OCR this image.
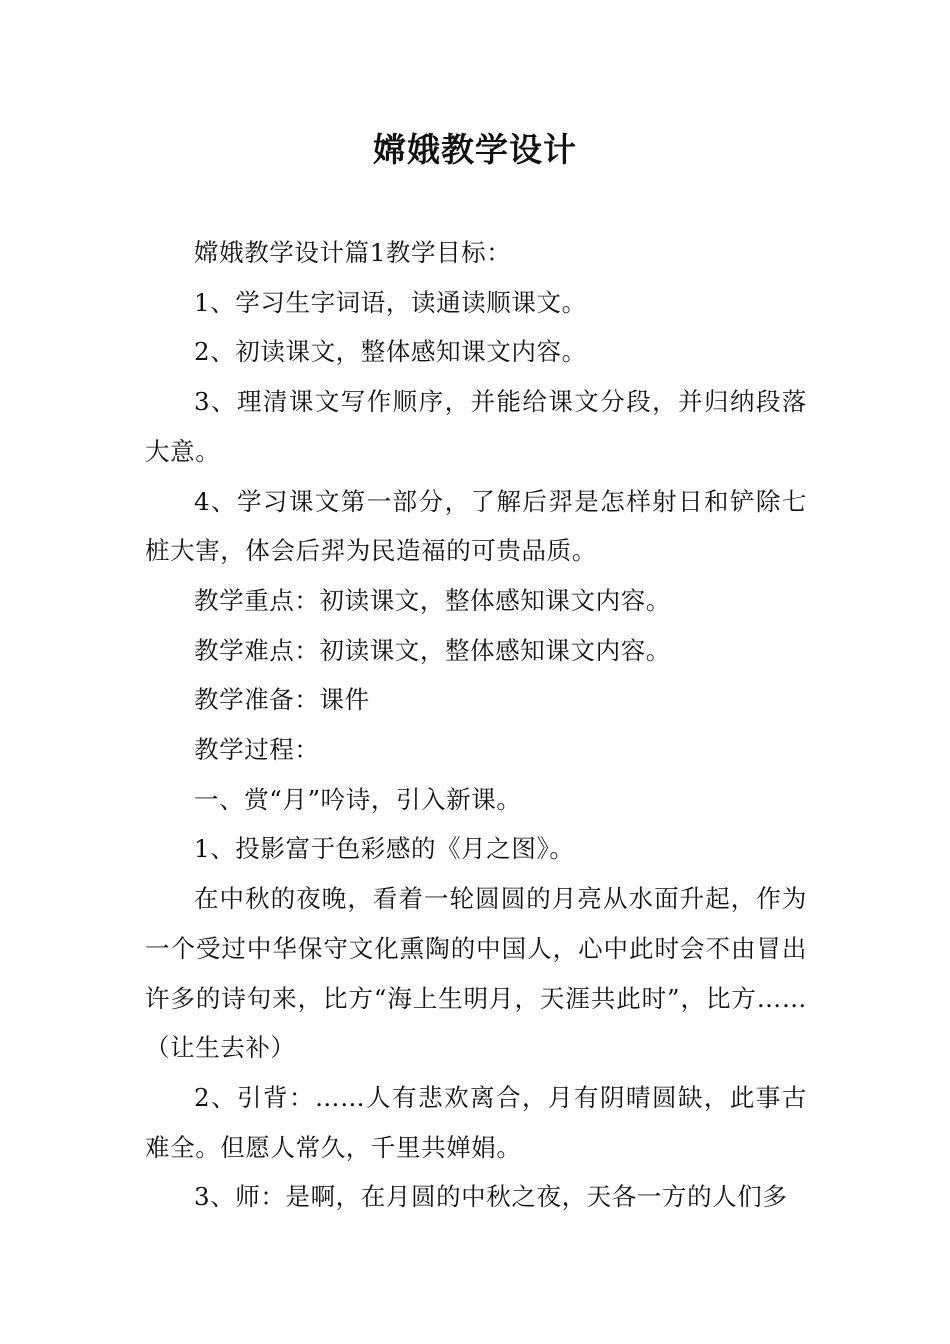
嫦娥教学设计

嫦娥教学设计篇1教学目标：

1、学习生字词语，读通读顺课文。

2、初读课文，整体感知课文内容。

3、理清课文写作顺序，并能给课文分段，并归纳段落大意。

4、学习课文第一部分，了解后羿是怎样射日和铲除七桩大害，体会后羿为民造福的可贵品质。

教学重点：初读课文，整体感知课文内容。

教学难点：初读课文，整体感知课文内容。

教学准备：课件

教学过程：

一、赏“月”吟诗，引入新课。

1、投影富于色彩感的《月之图》。

在中秋的夜晚，看着一轮圆圆的月亮从水面升起，作为一个受过中华保守文化熏陶的中国人，心中此时会不由冒出许多的诗句来，比方“海上生明月，天涯共此时”，比方……（让生去补）

2、引背：……人有悲欢离合，月有阴晴圆缺，此事古难全。但愿人常久，千里共婵娟。

3、师：是啊，在月圆的中秋之夜，天各一方的人们多
